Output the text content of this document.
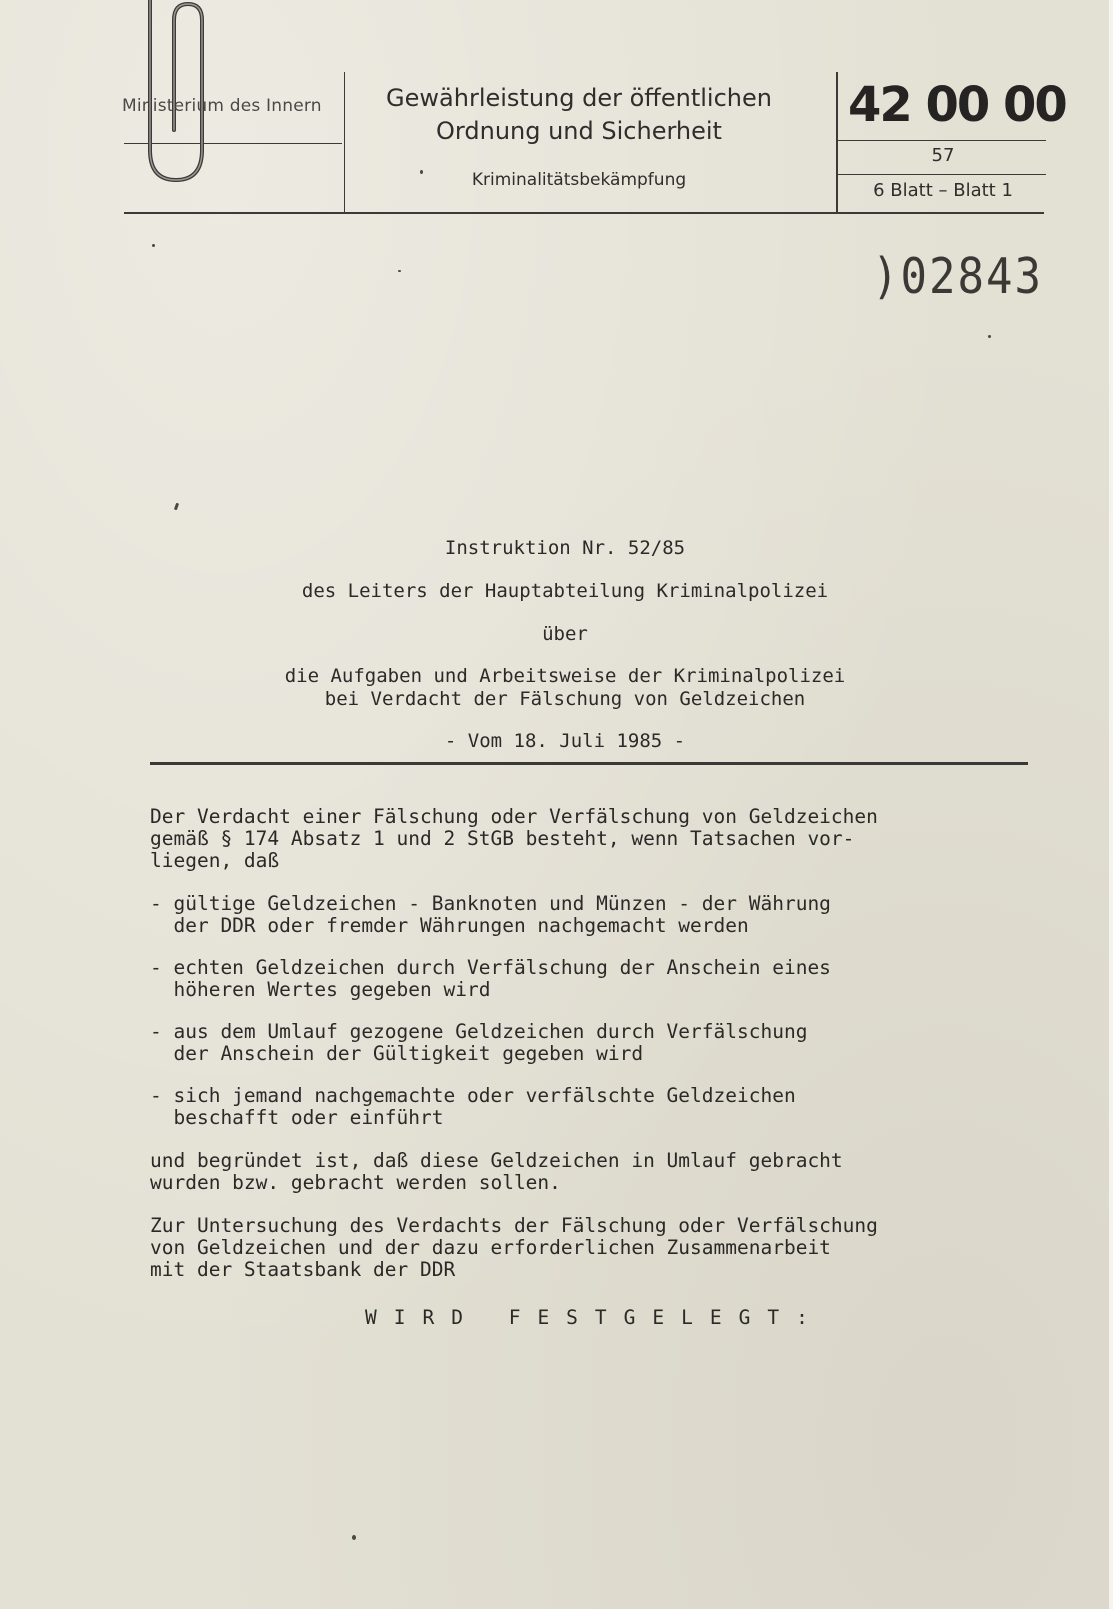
Ministerium des Innern	Gewährleistung der öffentlichen
Ordnung und Sicherheit
Kriminalitätsbekämpfung
42 00 00
57
6 Blatt – Blatt 1
)02843
Instruktion Nr. 52/85
des Leiters der Hauptabteilung Kriminalpolizei
über
die Aufgaben und Arbeitsweise der Kriminalpolizei
bei Verdacht der Fälschung von Geldzeichen
- Vom 18. Juli 1985 -
Der Verdacht einer Fälschung oder Verfälschung von Geldzeichen
gemäß § 174 Absatz 1 und 2 StGB besteht, wenn Tatsachen vor-
liegen, daß
- gültige Geldzeichen - Banknoten und Münzen - der Währung
der DDR oder fremder Währungen nachgemacht werden
- echten Geldzeichen durch Verfälschung der Anschein eines
höheren Wertes gegeben wird
- aus dem Umlauf gezogene Geldzeichen durch Verfälschung
der Anschein der Gültigkeit gegeben wird
- sich jemand nachgemachte oder verfälschte Geldzeichen
beschafft oder einführt
und begründet ist, daß diese Geldzeichen in Umlauf gebracht
wurden bzw. gebracht werden sollen.
Zur Untersuchung des Verdachts der Fälschung oder Verfälschung
von Geldzeichen und der dazu erforderlichen Zusammenarbeit
mit der Staatsbank der DDR
WIRD FESTGELEGT:
